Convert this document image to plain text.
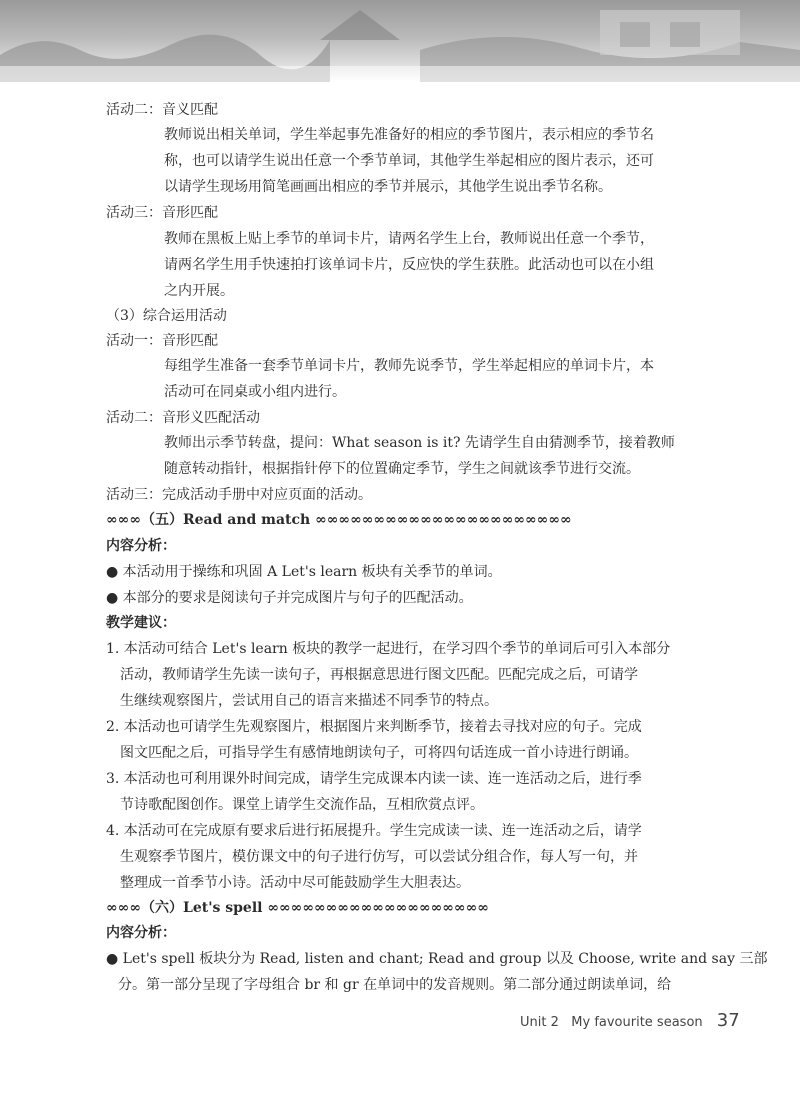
活动二：音义匹配
教师说出相关单词，学生举起事先准备好的相应的季节图片，表示相应的季节名
称，也可以请学生说出任意一个季节单词，其他学生举起相应的图片表示，还可
以请学生现场用简笔画画出相应的季节并展示，其他学生说出季节名称。
活动三：音形匹配
教师在黑板上贴上季节的单词卡片，请两名学生上台，教师说出任意一个季节，
请两名学生用手快速拍打该单词卡片，反应快的学生获胜。此活动也可以在小组
之内开展。
（3）综合运用活动
活动一：音形匹配
每组学生准备一套季节单词卡片，教师先说季节，学生举起相应的单词卡片，本
活动可在同桌或小组内进行。
活动二：音形义匹配活动
教师出示季节转盘，提问：What season is it? 先请学生自由猜测季节，接着教师
随意转动指针，根据指针停下的位置确定季节，学生之间就该季节进行交流。
活动三：完成活动手册中对应页面的活动。
∞∞∞（五）Read and match ∞∞∞∞∞∞∞∞∞∞∞∞∞∞∞∞∞∞∞∞∞∞
内容分析：
● 本活动用于操练和巩固 A Let's learn 板块有关季节的单词。
● 本部分的要求是阅读句子并完成图片与句子的匹配活动。
教学建议：
1. 本活动可结合 Let's learn 板块的教学一起进行，在学习四个季节的单词后可引入本部分
活动，教师请学生先读一读句子，再根据意思进行图文匹配。匹配完成之后，可请学
生继续观察图片，尝试用自己的语言来描述不同季节的特点。
2. 本活动也可请学生先观察图片，根据图片来判断季节，接着去寻找对应的句子。完成
图文匹配之后，可指导学生有感情地朗读句子，可将四句话连成一首小诗进行朗诵。
3. 本活动也可利用课外时间完成，请学生完成课本内读一读、连一连活动之后，进行季
节诗歌配图创作。课堂上请学生交流作品，互相欣赏点评。
4. 本活动可在完成原有要求后进行拓展提升。学生完成读一读、连一连活动之后，请学
生观察季节图片，模仿课文中的句子进行仿写，可以尝试分组合作，每人写一句，并
整理成一首季节小诗。活动中尽可能鼓励学生大胆表达。
∞∞∞（六）Let's spell ∞∞∞∞∞∞∞∞∞∞∞∞∞∞∞∞∞∞∞
内容分析：
● Let's spell 板块分为 Read, listen and chant; Read and group 以及 Choose, write and say 三部
分。第一部分呈现了字母组合 br 和 gr 在单词中的发音规则。第二部分通过朗读单词，给
Unit 2 My favourite season 37
